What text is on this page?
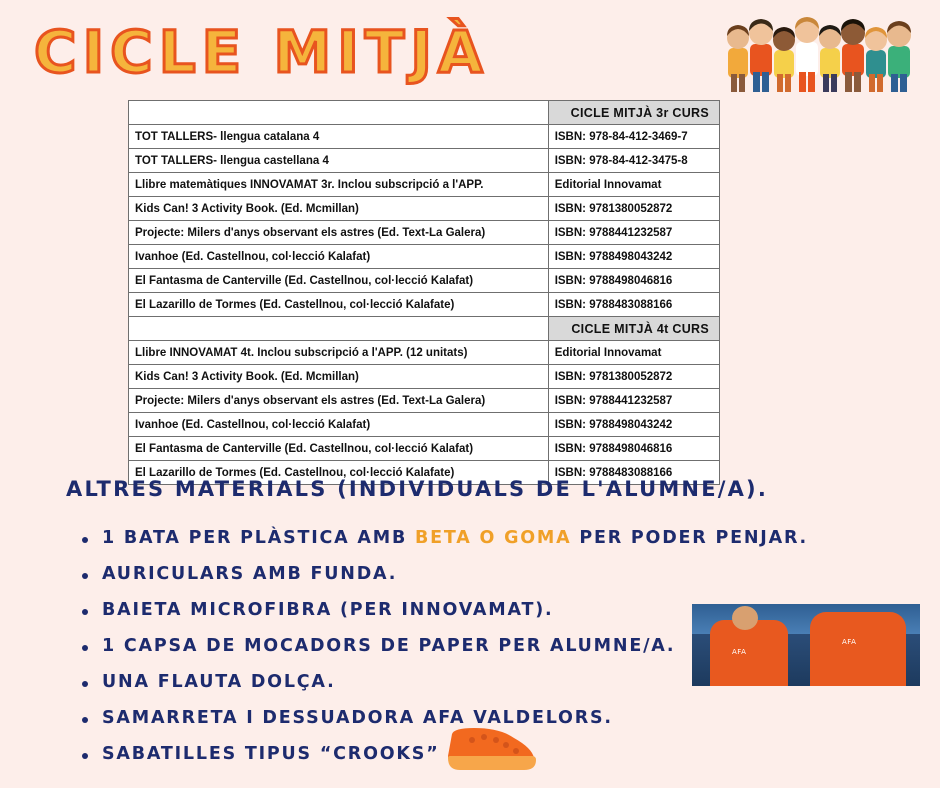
CICLE MITJÀ
	CICLE MITJÀ 3r CURS
TOT TALLERS- llengua catalana 4	ISBN: 978-84-412-3469-7
TOT TALLERS- llengua castellana 4	ISBN: 978-84-412-3475-8
Llibre matemàtiques INNOVAMAT 3r. Inclou subscripció a l'APP.	Editorial Innovamat
Kids Can! 3 Activity Book. (Ed. Mcmillan)	ISBN: 9781380052872
Projecte: Milers d'anys observant els astres (Ed. Text-La Galera)	ISBN: 9788441232587
Ivanhoe (Ed. Castellnou, col·lecció Kalafat)	ISBN: 9788498043242
El Fantasma de Canterville (Ed. Castellnou, col·lecció Kalafat)	ISBN: 9788498046816
El Lazarillo de Tormes (Ed. Castellnou, col·lecció Kalafate)	ISBN: 9788483088166
	CICLE MITJÀ 4t CURS
Llibre INNOVAMAT 4t. Inclou subscripció a l'APP. (12 unitats)	Editorial Innovamat
Kids Can! 3 Activity Book. (Ed. Mcmillan)	ISBN: 9781380052872
Projecte: Milers d'anys observant els astres (Ed. Text-La Galera)	ISBN: 9788441232587
Ivanhoe (Ed. Castellnou, col·lecció Kalafat)	ISBN: 9788498043242
El Fantasma de Canterville (Ed. Castellnou, col·lecció Kalafat)	ISBN: 9788498046816
El Lazarillo de Tormes (Ed. Castellnou, col·lecció Kalafate)	ISBN: 9788483088166
ALTRES MATERIALS (INDIVIDUALS DE L'ALUMNE/A).
1 BATA PER PLÀSTICA AMB BETA O GOMA PER PODER PENJAR.
AURICULARS AMB FUNDA.
BAIETA MICROFIBRA (PER INNOVAMAT).
1 CAPSA DE MOCADORS DE PAPER PER ALUMNE/A.
UNA FLAUTA DOLÇA.
SAMARRETA I DESSUADORA AFA VALDELORS.
SABATILLES TIPUS “CROOKS”
AFA
AFA
